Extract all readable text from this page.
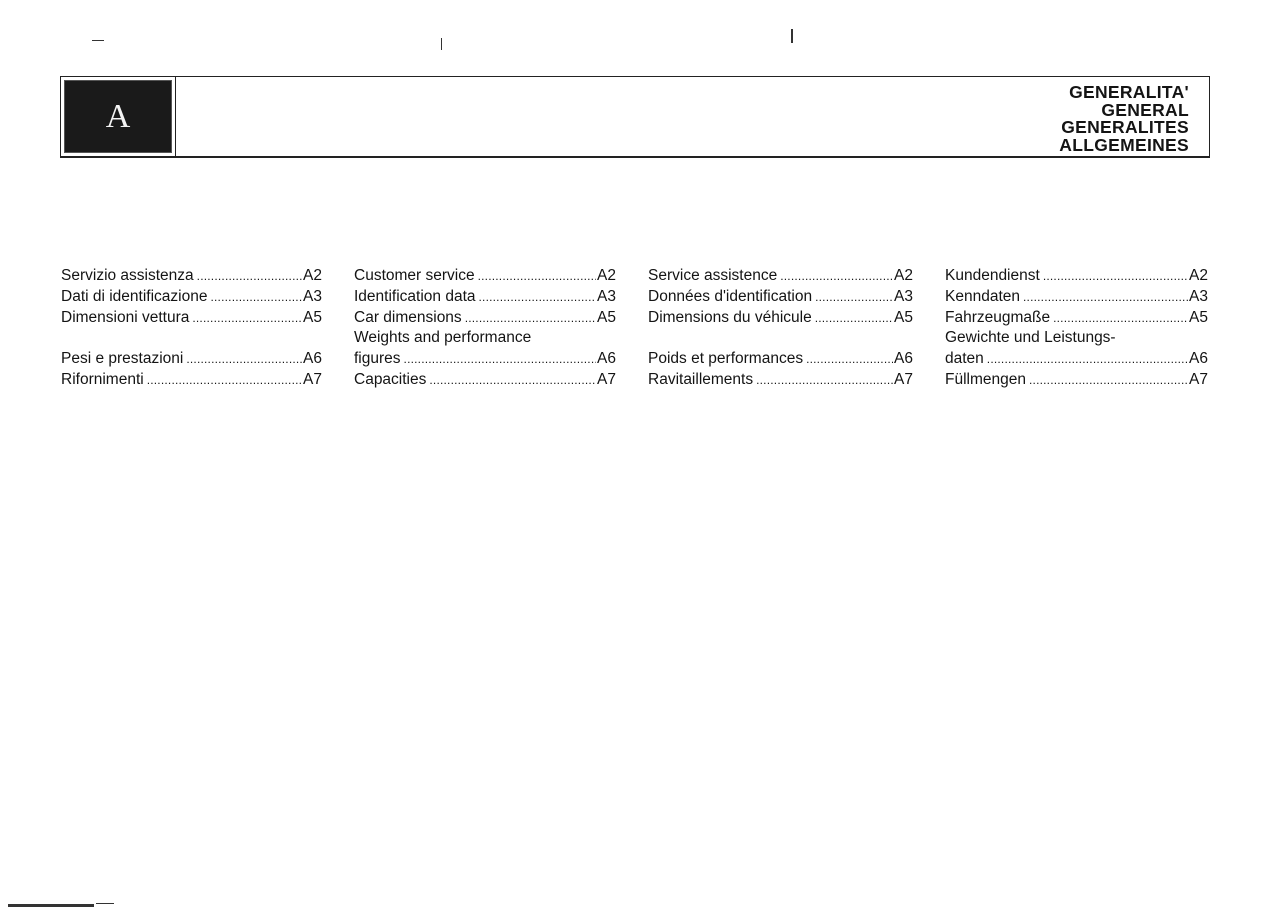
A
GENERALITA'
GENERAL
GENERALITES
ALLGEMEINES
Servizio assistenza .....	A2
Dati di identificazione .....	A3
Dimensioni vettura .....	A5
Pesi e prestazioni .....	A6
Rifornimenti .....	A7
Customer service .....	A2
Identification data .....	A3
Car dimensions .....	A5
Weights and performance
figures .....	A6
Capacities .....	A7
Service assistence .....	A2
Données d'identification .....	A3
Dimensions du véhicule .....	A5
Poids et performances .....	A6
Ravitaillements .....	A7
Kundendienst .....	A2
Kenndaten .....	A3
Fahrzeugmaße .....	A5
Gewichte und Leistungs-
daten .....	A6
Füllmengen .....	A7
